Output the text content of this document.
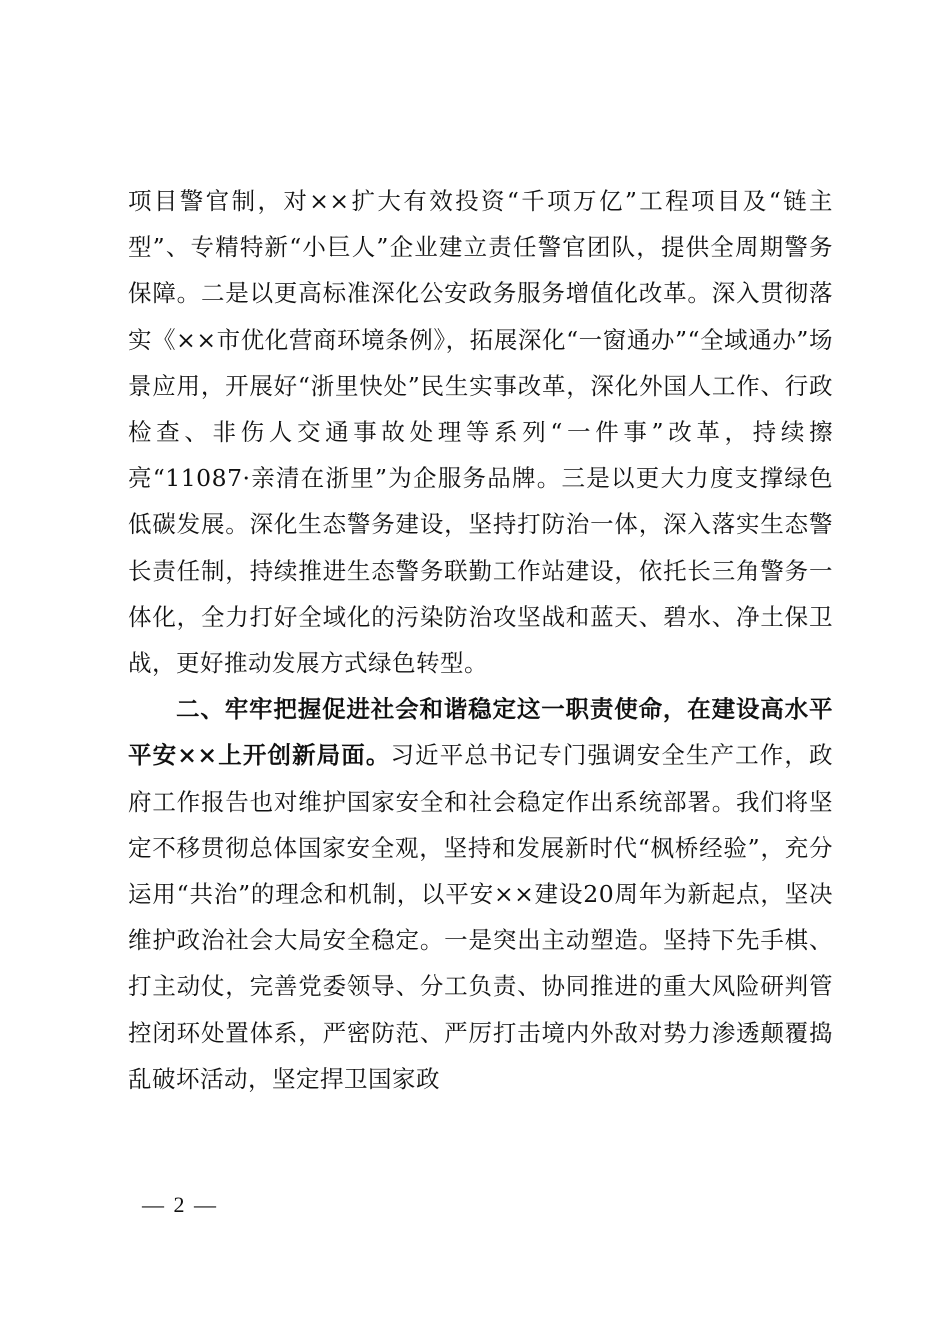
项目警官制，对××扩大有效投资“千项万亿”工程项目及“链主型”、专精特新“小巨人”企业建立责任警官团队，提供全周期警务保障。二是以更高标准深化公安政务服务增值化改革。深入贯彻落实《××市优化营商环境条例》，拓展深化“一窗通办”“全域通办”场景应用，开展好“浙里快处”民生实事改革，深化外国人工作、行政检查、非伤人交通事故处理等系列“一件事”改革，持续擦亮“11087·亲清在浙里”为企服务品牌。三是以更大力度支撑绿色低碳发展。深化生态警务建设，坚持打防治一体，深入落实生态警长责任制，持续推进生态警务联勤工作站建设，依托长三角警务一体化，全力打好全域化的污染防治攻坚战和蓝天、碧水、净土保卫战，更好推动发展方式绿色转型。

二、牢牢把握促进社会和谐稳定这一职责使命，在建设高水平平安××上开创新局面。习近平总书记专门强调安全生产工作，政府工作报告也对维护国家安全和社会稳定作出系统部署。我们将坚定不移贯彻总体国家安全观，坚持和发展新时代“枫桥经验”，充分运用“共治”的理念和机制，以平安××建设20周年为新起点，坚决维护政治社会大局安全稳定。一是突出主动塑造。坚持下先手棋、打主动仗，完善党委领导、分工负责、协同推进的重大风险研判管控闭环处置体系，严密防范、严厉打击境内外敌对势力渗透颠覆捣乱破坏活动，坚定捍卫国家政

— 2 —
